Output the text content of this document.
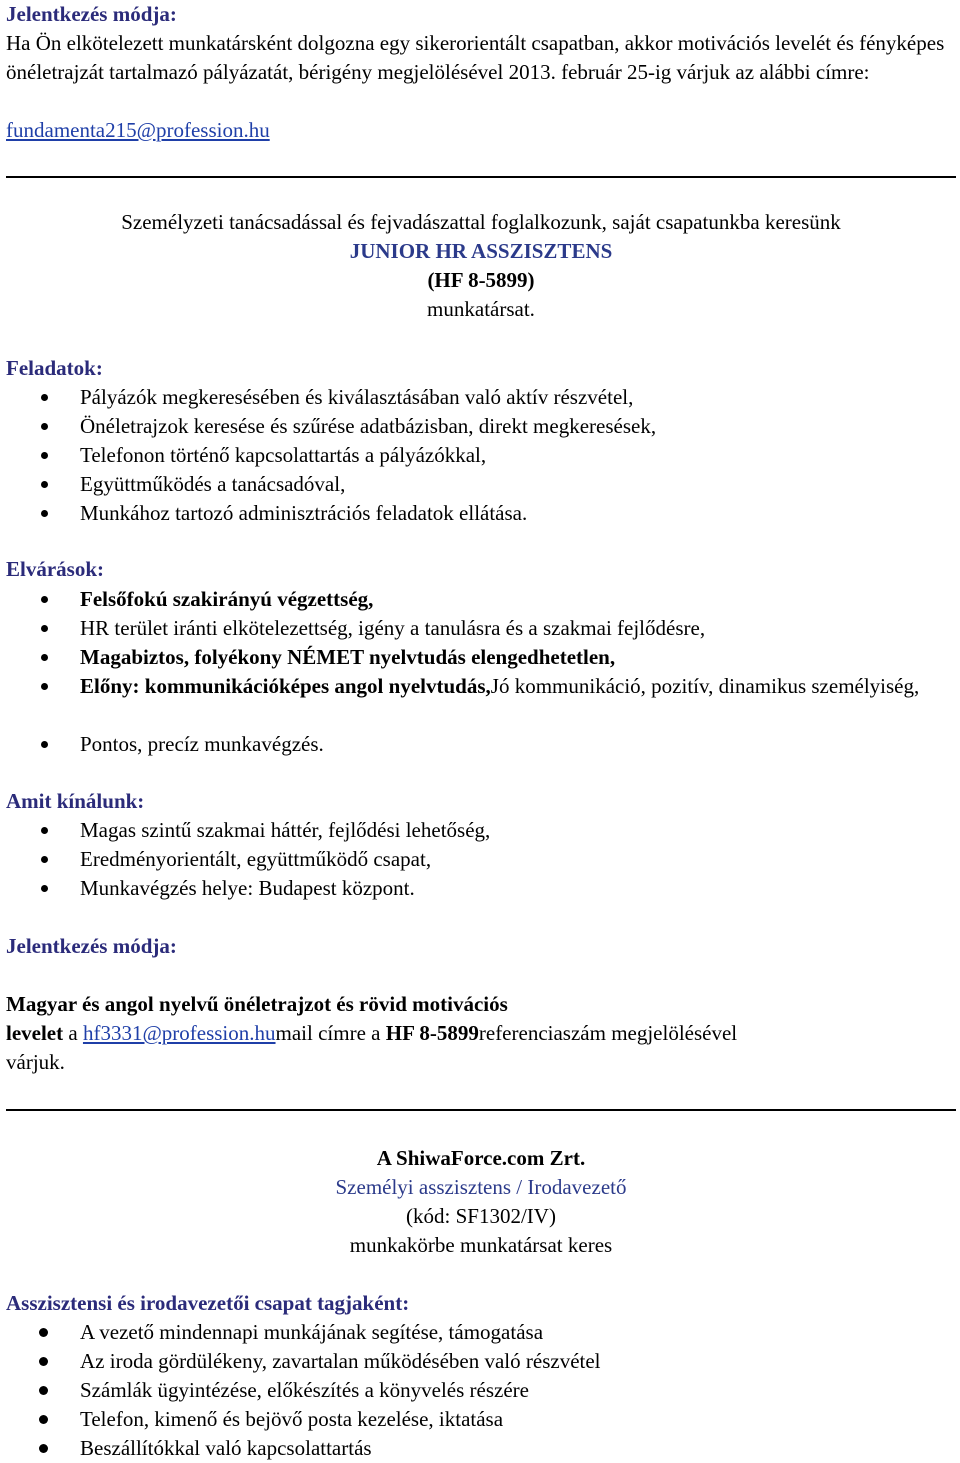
Jelentkezés módja:
Ha Ön elkötelezett munkatársként dolgozna egy sikerorientált csapatban, akkor motivációs levelét és fényképes önéletrajzát tartalmazó pályázatát, bérigény megjelölésével 2013. február 25-ig várjuk az alábbi címre:
fundamenta215@profession.hu
Személyzeti tanácsadással és fejvadászattal foglalkozunk, saját csapatunkba keresünk
JUNIOR HR ASSZISZTENS
(HF 8-5899)
munkatársat.
Feladatok:
Pályázók megkeresésében és kiválasztásában való aktív részvétel,
Önéletrajzok keresése és szűrése adatbázisban, direkt megkeresések,
Telefonon történő kapcsolattartás a pályázókkal,
Együttműködés a tanácsadóval,
Munkához tartozó adminisztrációs feladatok ellátása.
Elvárások:
Felsőfokú szakirányú végzettség,
HR terület iránti elkötelezettség, igény a tanulásra és a szakmai fejlődésre,
Magabiztos, folyékony NÉMET nyelvtudás elengedhetetlen,
Előny: kommunikációképes angol nyelvtudás,Jó kommunikáció, pozitív, dinamikus személyiség,
Pontos, precíz munkavégzés.
Amit kínálunk:
Magas szintű szakmai háttér, fejlődési lehetőség,
Eredményorientált, együttműködő csapat,
Munkavégzés helye: Budapest központ.
Jelentkezés módja:
Magyar és angol nyelvű önéletrajzot és rövid motivációs
levelet a hf3331@profession.humail címre a HF 8-5899referenciaszám megjelölésével
várjuk.
A ShiwaForce.com Zrt.
Személyi asszisztens / Irodavezető
(kód: SF1302/IV)
munkakörbe munkatársat keres
Asszisztensi és irodavezetői csapat tagjaként:
A vezető mindennapi munkájának segítése, támogatása
Az iroda gördülékeny, zavartalan működésében való részvétel
Számlák ügyintézése, előkészítés a könyvelés részére
Telefon, kimenő és bejövő posta kezelése, iktatása
Beszállítókkal való kapcsolattartás
